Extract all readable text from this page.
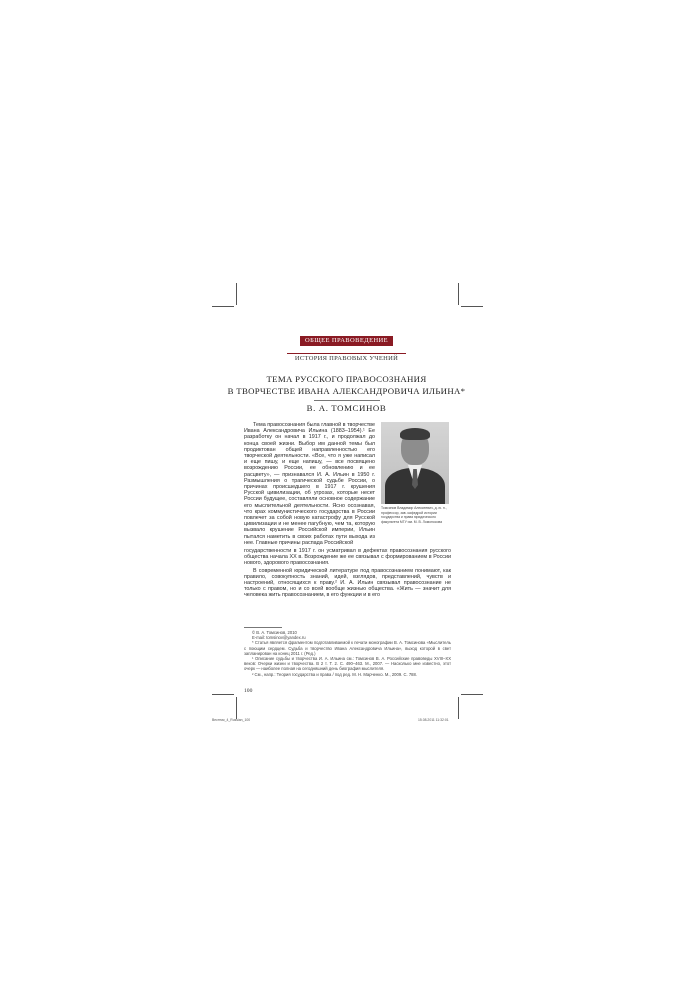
ОБЩЕЕ ПРАВОВЕДЕНИЕ
ИСТОРИЯ ПРАВОВЫХ УЧЕНИЙ
ТЕМА РУССКОГО ПРАВОСОЗНАНИЯ
В ТВОРЧЕСТВЕ ИВАНА АЛЕКСАНДРОВИЧА ИЛЬИНА*
В. А. ТОМСИНОВ
Томсинов Владимир Алексеевич, д. ю. н., профессор, зав. кафедрой истории государства и права юридического факультета МГУ им. М. В. Ломоносова

Тема правосознания была главной в творчестве Ивана Александровича Ильина (1883–1954).¹ Ее разработку он начал в 1917 г., и продолжал до конца своей жизни. Выбор им данной темы был продиктован общей направленностью его творческой деятельности. «Все, что я уже написал и еще пишу, и еще напишу, — все посвящено возрождению России, ее обновлению и ее расцвету», — признавался И. А. Ильин в 1950 г. Размышления о трагической судьбе России, о причинах происшедшего в 1917 г. крушения Русской цивилизации, об угрозах, которые несет России будущее, составляли основное содержание его мыслительной деятельности. Ясно осознавая, что крах коммунистического государства в России повлечет за собой новую катастрофу для Русской цивилизации и не менее пагубную, чем та, которую вызвало крушение Российской империи, Ильин пытался наметить в своих работах пути выхода из нее. Главные причины распада Российской

государственности в 1917 г. он усматривал в дефектах правосознания русского общества начала XX в. Возрождение же ее связывал с формированием в России нового, здорового правосознания.

В современной юридической литературе под правосознанием понимают, как правило, совокупность знаний, идей, взглядов, представлений, чувств и настроений, относящихся к праву.² И. А. Ильин связывал правосознание не только с правом, но и со всей вообще жизнью общества. «Жить — значит для человека жить правосознанием, в его функции и в его

© В. А. Томсинов, 2010
E-mail: tomsinov@yandex.ru
* Статья является фрагментом подготавливаемой к печати монографии В. А. Томсинова «Мыслитель с поющим сердцем. Судьба и творчество Ивана Александровича Ильина», выход которой в свет запланирован на конец 2011 г. (Ред.)
¹ Описание судьбы и творчества И. А. Ильина см.: Томсинов В. А. Российские правоведы XVIII–XX веков: Очерки жизни и творчества. В 2 т. Т. 2. С. 490–463. М., 2007. — Насколько мне известно, этот очерк — наиболее полная на сегодняшний день биография мыслителя.
² См., напр.: Теория государства и права / под ред. М. Н. Марченко. М., 2009. С. 788.
100
Вестник_4_Russian_100	15.08.2011 11:32:01
